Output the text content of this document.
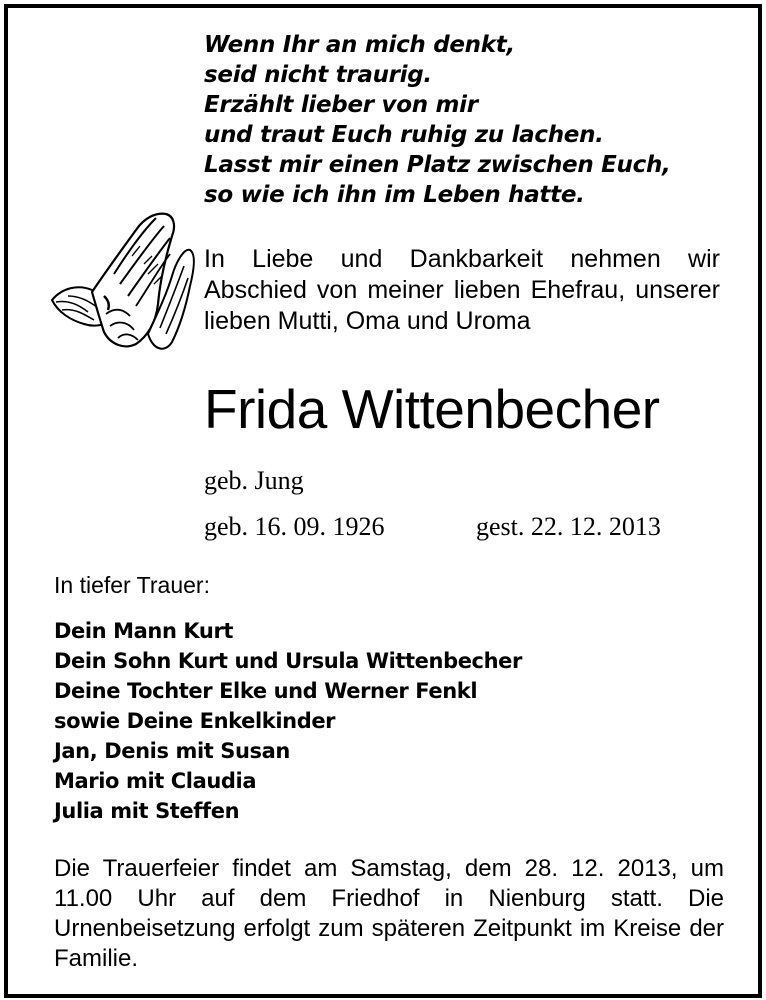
Wenn Ihr an mich denkt,
seid nicht traurig.
Erzählt lieber von mir
und traut Euch ruhig zu lachen.
Lasst mir einen Platz zwischen Euch,
so wie ich ihn im Leben hatte.
In Liebe und Dankbarkeit nehmen wir Abschied von meiner lieben Ehefrau, unserer lieben Mutti, Oma und Uroma
Frida Wittenbecher
geb. Jung
geb. 16. 09. 1926	gest. 22. 12. 2013
In tiefer Trauer:
Dein Mann Kurt
Dein Sohn Kurt und Ursula Wittenbecher
Deine Tochter Elke und Werner Fenkl
sowie Deine Enkelkinder
Jan, Denis mit Susan
Mario mit Claudia
Julia mit Steffen
Die Trauerfeier findet am Samstag, dem 28. 12. 2013, um 11.00 Uhr auf dem Friedhof in Nienburg statt. Die Urnenbeisetzung erfolgt zum späteren Zeitpunkt im Kreise der Familie.
